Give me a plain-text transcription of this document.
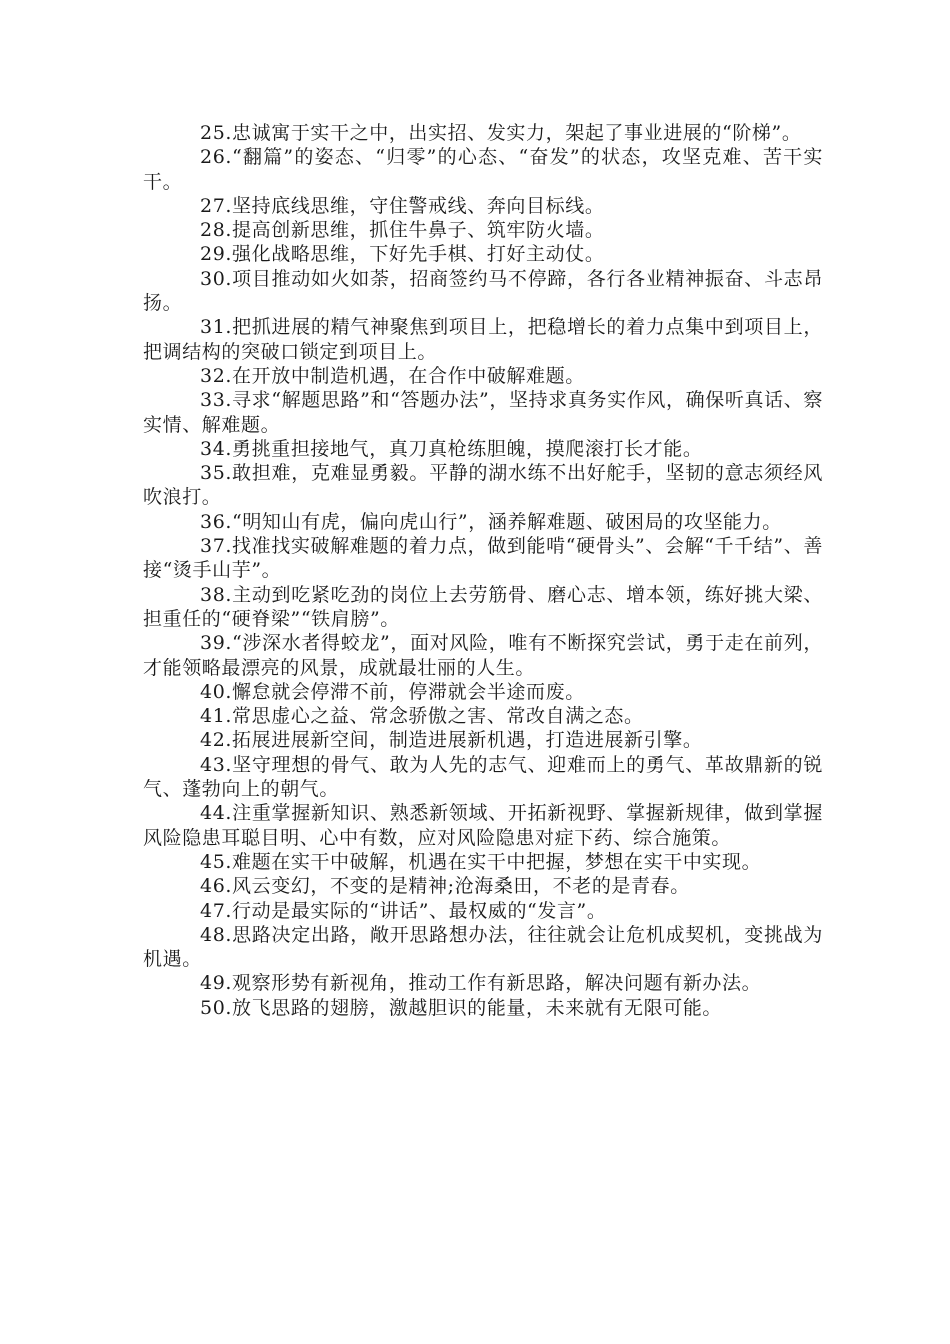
25.忠诚寓于实干之中，出实招、发实力，架起了事业进展的“阶梯”。

26.“翻篇”的姿态、“归零”的心态、“奋发”的状态，攻坚克难、苦干实干。

27.坚持底线思维，守住警戒线、奔向目标线。

28.提高创新思维，抓住牛鼻子、筑牢防火墙。

29.强化战略思维，下好先手棋、打好主动仗。

30.项目推动如火如荼，招商签约马不停蹄，各行各业精神振奋、斗志昂扬。

31.把抓进展的精气神聚焦到项目上，把稳增长的着力点集中到项目上，把调结构的突破口锁定到项目上。

32.在开放中制造机遇，在合作中破解难题。

33.寻求“解题思路”和“答题办法”，坚持求真务实作风，确保听真话、察实情、解难题。

34.勇挑重担接地气，真刀真枪练胆魄，摸爬滚打长才能。

35.敢担难，克难显勇毅。平静的湖水练不出好舵手，坚韧的意志须经风吹浪打。

36.“明知山有虎，偏向虎山行”，涵养解难题、破困局的攻坚能力。

37.找准找实破解难题的着力点，做到能啃“硬骨头”、会解“千千结”、善接“烫手山芋”。

38.主动到吃紧吃劲的岗位上去劳筋骨、磨心志、增本领，练好挑大梁、担重任的“硬脊梁”“铁肩膀”。

39.“涉深水者得蛟龙”，面对风险，唯有不断探究尝试，勇于走在前列，才能领略最漂亮的风景，成就最壮丽的人生。

40.懈怠就会停滞不前，停滞就会半途而废。

41.常思虚心之益、常念骄傲之害、常改自满之态。

42.拓展进展新空间，制造进展新机遇，打造进展新引擎。

43.坚守理想的骨气、敢为人先的志气、迎难而上的勇气、革故鼎新的锐气、蓬勃向上的朝气。

44.注重掌握新知识、熟悉新领域、开拓新视野、掌握新规律，做到掌握风险隐患耳聪目明、心中有数，应对风险隐患对症下药、综合施策。

45.难题在实干中破解，机遇在实干中把握，梦想在实干中实现。

46.风云变幻，不变的是精神;沧海桑田，不老的是青春。

47.行动是最实际的“讲话”、最权威的“发言”。

48.思路决定出路，敞开思路想办法，往往就会让危机成契机，变挑战为机遇。

49.观察形势有新视角，推动工作有新思路，解决问题有新办法。

50.放飞思路的翅膀，激越胆识的能量，未来就有无限可能。
